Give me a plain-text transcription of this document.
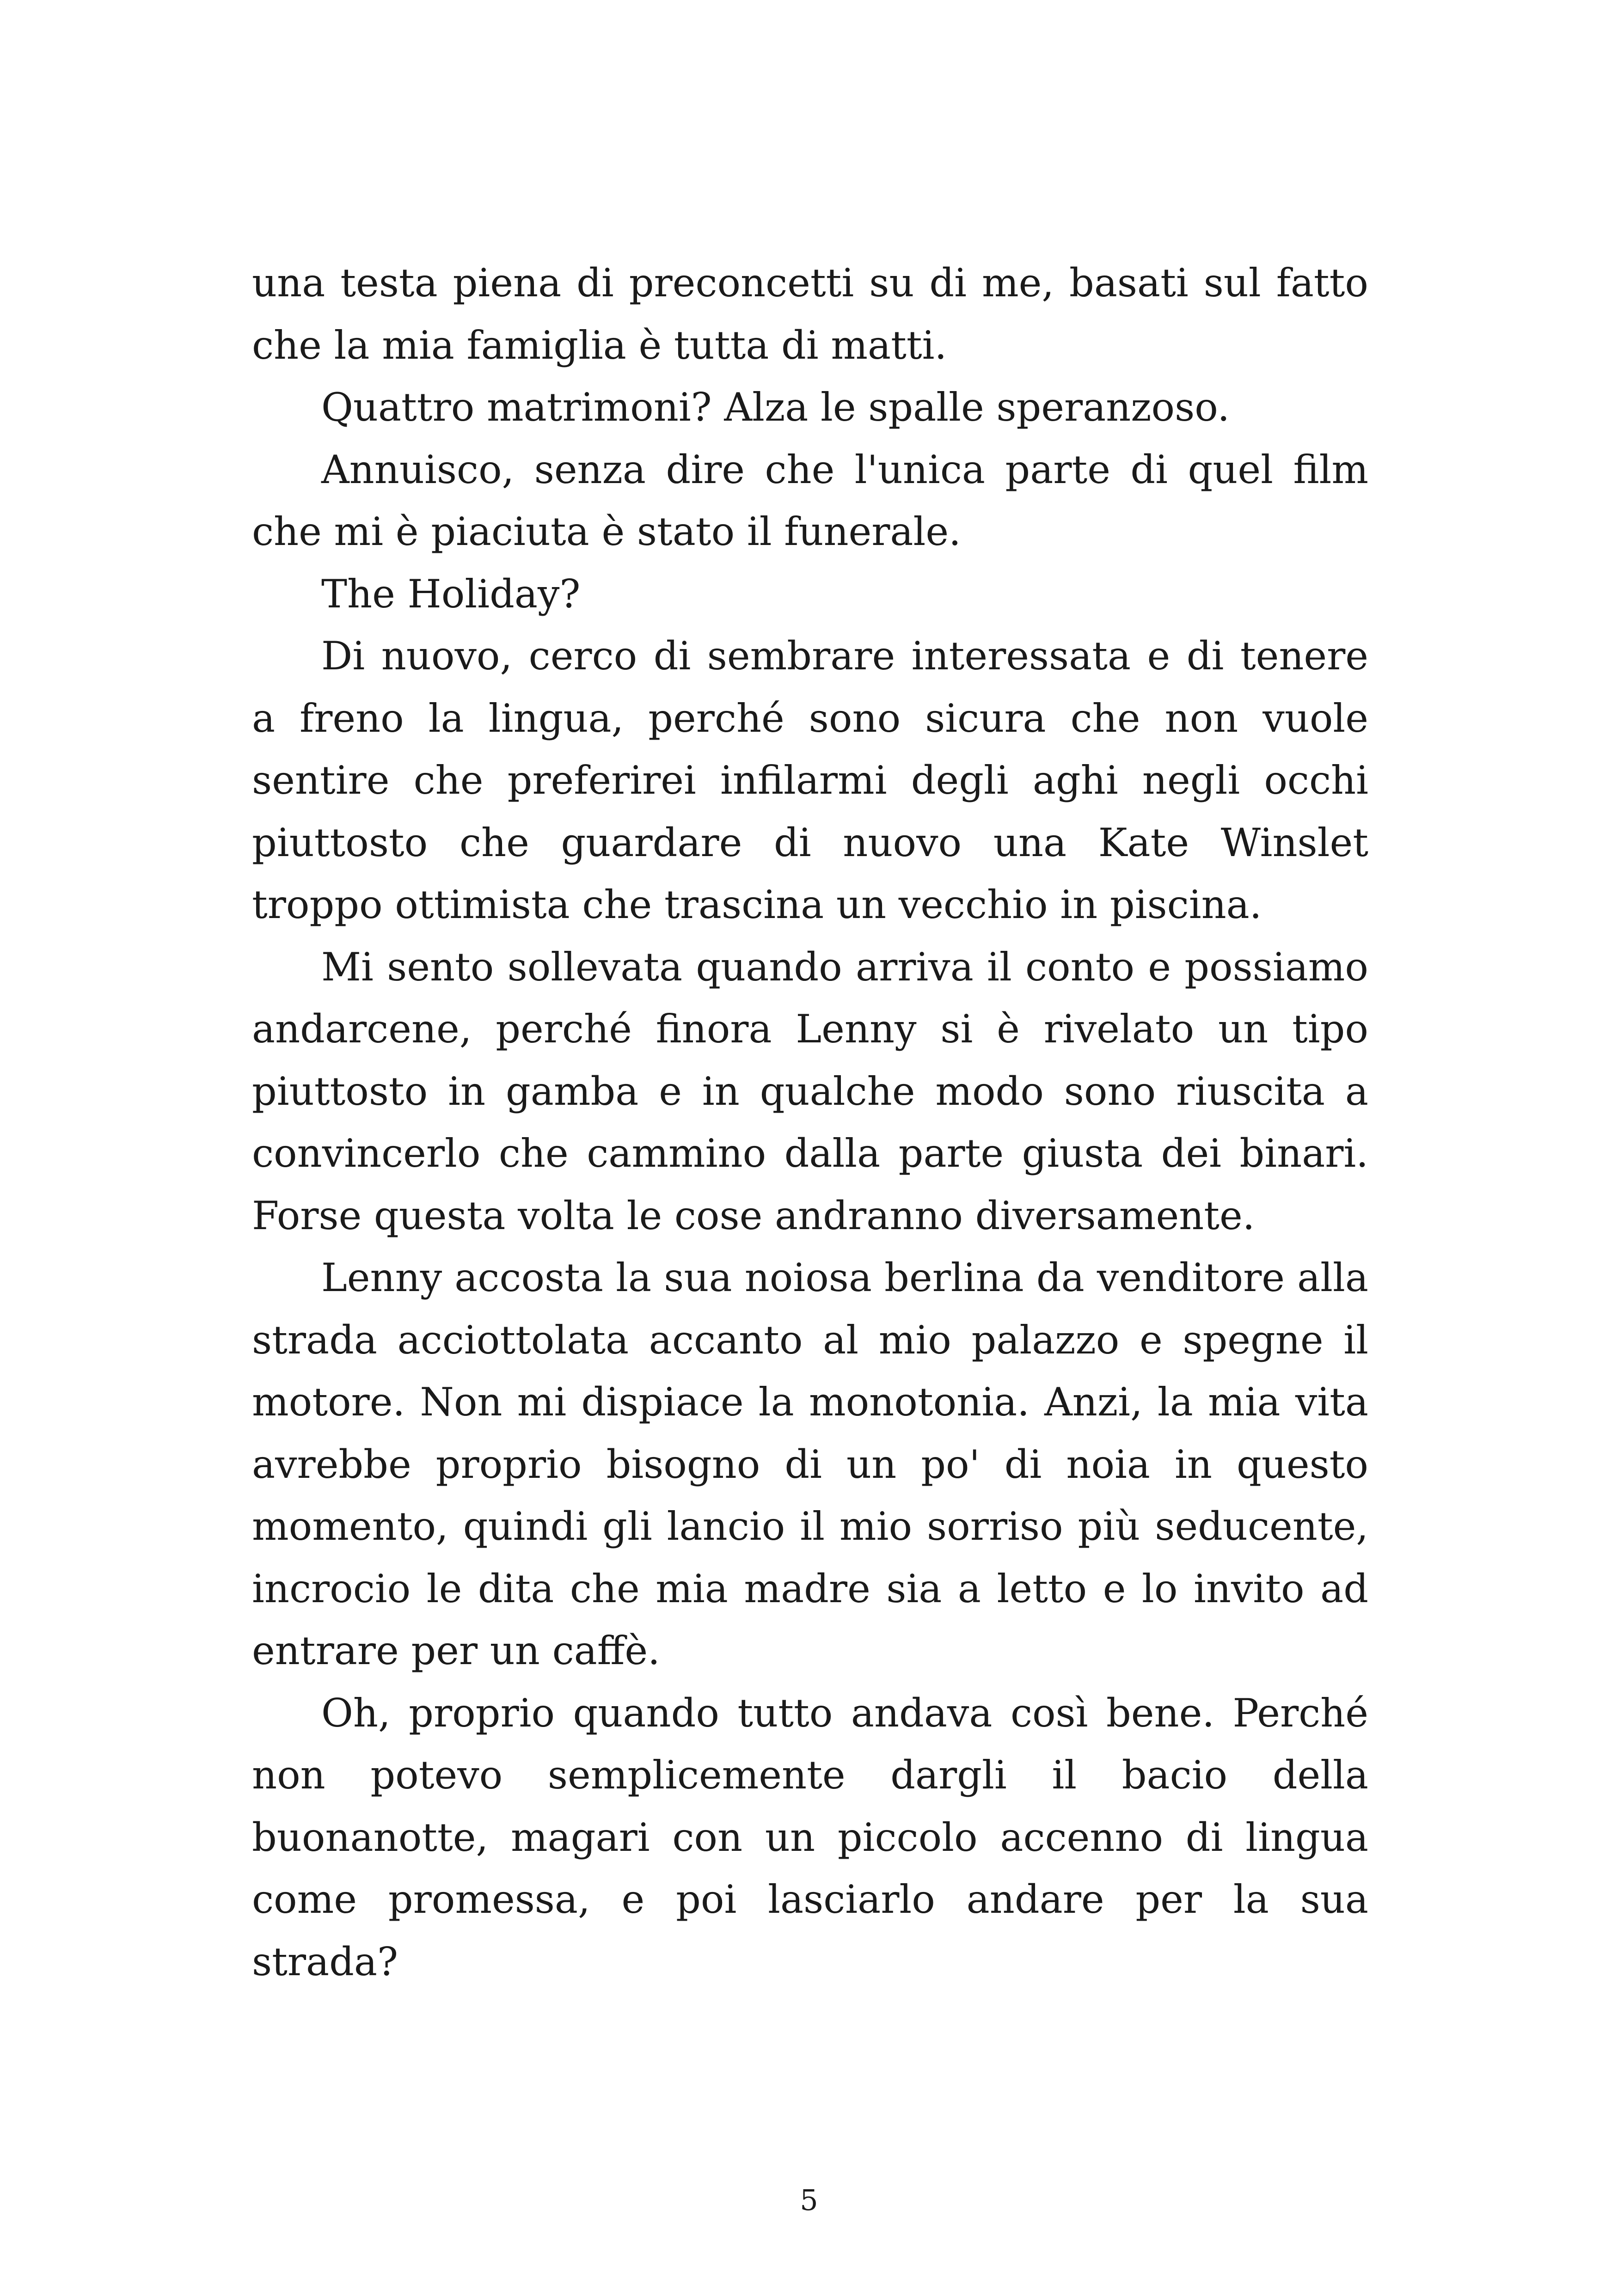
una testa piena di preconcetti su di me, basati sul fatto che la mia famiglia è tutta di matti.

Quattro matrimoni? Alza le spalle speranzoso.

Annuisco, senza dire che l'unica parte di quel film che mi è piaciuta è stato il funerale.

The Holiday?

Di nuovo, cerco di sembrare interessata e di tenere a freno la lingua, perché sono sicura che non vuole sentire che preferirei infilarmi degli aghi negli occhi piuttosto che guardare di nuovo una Kate Winslet troppo ottimista che trascina un vecchio in piscina.

Mi sento sollevata quando arriva il conto e possiamo andarcene, perché finora Lenny si è rivelato un tipo piuttosto in gamba e in qualche modo sono riuscita a convincerlo che cammino dalla parte giusta dei binari. Forse questa volta le cose andranno diversamente.

Lenny accosta la sua noiosa berlina da venditore alla strada acciottolata accanto al mio palazzo e spegne il motore. Non mi dispiace la monotonia. Anzi, la mia vita avrebbe proprio bisogno di un po' di noia in questo momento, quindi gli lancio il mio sorriso più seducente, incrocio le dita che mia madre sia a letto e lo invito ad entrare per un caffè.

Oh, proprio quando tutto andava così bene. Perché non potevo semplicemente dargli il bacio della buonanotte, magari con un piccolo accenno di lingua come promessa, e poi lasciarlo andare per la sua strada?

5
